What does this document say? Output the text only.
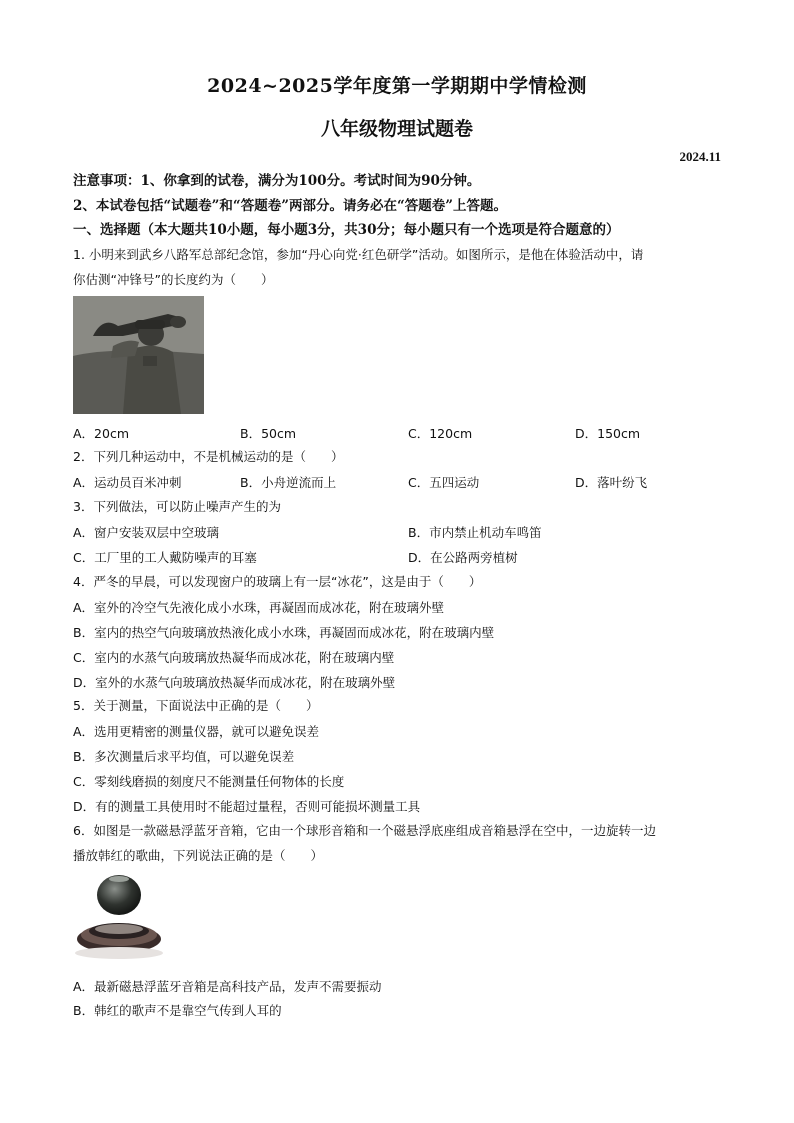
2024~2025学年度第一学期期中学情检测
八年级物理试题卷
2024.11
注意事项：1、你拿到的试卷，满分为100分。考试时间为90分钟。
2、本试卷包括“试题卷”和“答题卷”两部分。请务必在“答题卷”上答题。
一、选择题（本大题共10小题，每小题3分，共30分；每小题只有一个选项是符合题意的）
1. 小明来到武乡八路军总部纪念馆，参加“丹心向党·红色研学”活动。如图所示，是他在体验活动中，请
你估测“冲锋号”的长度约为（　　）
A．20cm	B．50cm	C．120cm	D．150cm
2．下列几种运动中，不是机械运动的是（　　）
A．运动员百米冲刺	B．小舟逆流而上	C．五四运动	D．落叶纷飞
3．下列做法，可以防止噪声产生的为
A．窗户安装双层中空玻璃	B．市内禁止机动车鸣笛
C．工厂里的工人戴防噪声的耳塞	D．在公路两旁植树
4．严冬的早晨，可以发现窗户的玻璃上有一层“冰花”，这是由于（　　）
A．室外的冷空气先液化成小水珠，再凝固而成冰花，附在玻璃外壁
B．室内的热空气向玻璃放热液化成小水珠，再凝固而成冰花，附在玻璃内壁
C．室内的水蒸气向玻璃放热凝华而成冰花，附在玻璃内壁
D．室外的水蒸气向玻璃放热凝华而成冰花，附在玻璃外壁
5．关于测量，下面说法中正确的是（　　）
A．选用更精密的测量仪器，就可以避免误差
B．多次测量后求平均值，可以避免误差
C．零刻线磨损的刻度尺不能测量任何物体的长度
D．有的测量工具使用时不能超过量程，否则可能损坏测量工具
6．如图是一款磁悬浮蓝牙音箱，它由一个球形音箱和一个磁悬浮底座组成音箱悬浮在空中，一边旋转一边
播放韩红的歌曲，下列说法正确的是（　　）
A．最新磁悬浮蓝牙音箱是高科技产品，发声不需要振动
B．韩红的歌声不是靠空气传到人耳的
